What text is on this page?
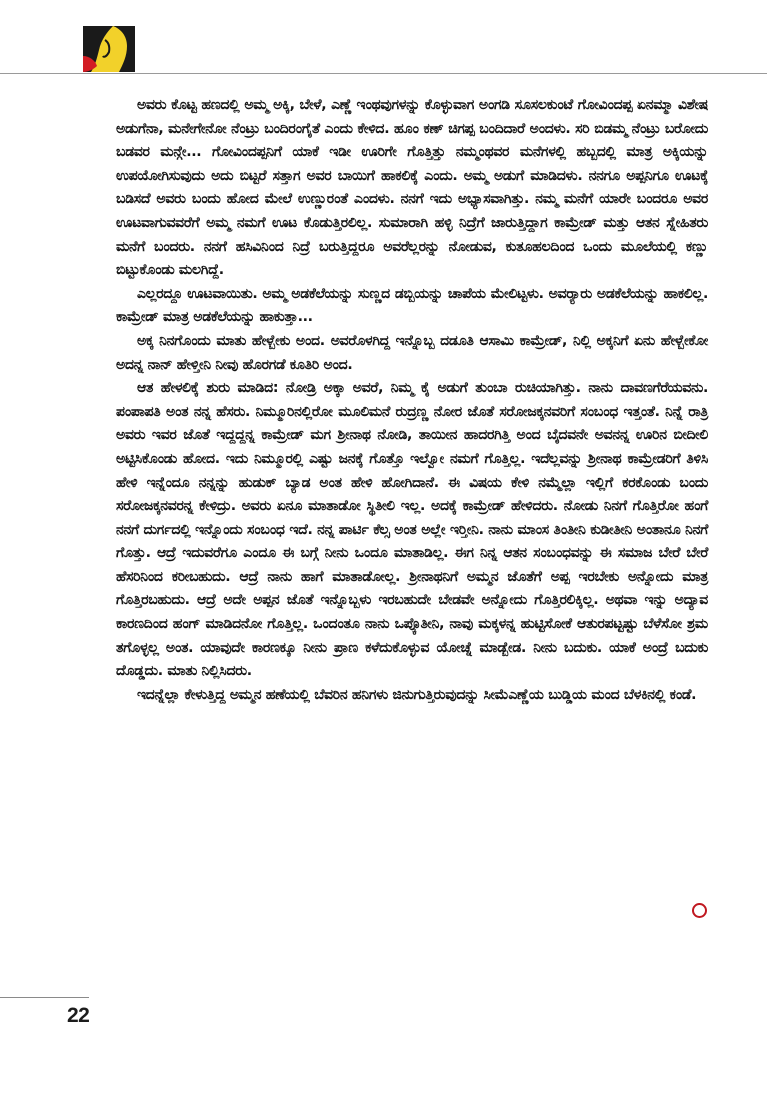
ಅವರು ಕೊಟ್ಟ ಹಣದಲ್ಲಿ ಅಮ್ಮ ಅಕ್ಕಿ, ಬೇಳೆ, ಎಣ್ಣೆ ಇಂಥವುಗಳನ್ನು ಕೊಳ್ಳುವಾಗ ಅಂಗಡಿ ಸೂಸಲಕುಂಟೆ ಗೋವಿಂದಪ್ಪ ಏನಮ್ಮಾ ವಿಶೇಷ ಅಡುಗೆನಾ, ಮನೇಗೇನೋ ನೆಂಟ್ರು ಬಂದಿರಂಗೈತೆ ಎಂದು ಕೇಳಿದ. ಹೂಂ ಕಣ್ ಚಿಗಪ್ಪ ಬಂದಿದಾರೆ ಅಂದಳು. ಸರಿ ಬಿಡಮ್ಮ ನೆಂಟ್ರು ಬರೋದು ಬಡವರ ಮನ್ಗೇ... ಗೋವಿಂದಪ್ಪನಿಗೆ ಯಾಕೆ ಇಡೀ ಊರಿಗೇ ಗೊತ್ತಿತ್ತು ನಮ್ಮಂಥವರ ಮನೆಗಳಲ್ಲಿ ಹಬ್ಬದಲ್ಲಿ ಮಾತ್ರ ಅಕ್ಕಿಯನ್ನು ಉಪಯೋಗಿಸುವುದು ಅದು ಬಿಟ್ಟರೆ ಸತ್ತಾಗ ಅವರ ಬಾಯಿಗೆ ಹಾಕಲಿಕ್ಕೆ ಎಂದು. ಅಮ್ಮ ಅಡುಗೆ ಮಾಡಿದಳು. ನನಗೂ ಅಪ್ಪನಿಗೂ ಊಟಕ್ಕೆ ಬಡಿಸದೆ ಅವರು ಬಂದು ಹೋದ ಮೇಲೆ ಉಣ್ಣುರಂತೆ ಎಂದಳು. ನನಗೆ ಇದು ಅಭ್ಯಾಸವಾಗಿತ್ತು. ನಮ್ಮ ಮನೆಗೆ ಯಾರೇ ಬಂದರೂ ಅವರ ಊಟವಾಗುವವರೆಗೆ ಅಮ್ಮ ನಮಗೆ ಊಟ ಕೊಡುತ್ತಿರಲಿಲ್ಲ. ಸುಮಾರಾಗಿ ಹಳ್ಳಿ ನಿದ್ರೆಗೆ ಜಾರುತ್ತಿದ್ದಾಗ ಕಾಮ್ರೇಡ್ ಮತ್ತು ಆತನ ಸ್ನೇಹಿತರು ಮನೆಗೆ ಬಂದರು. ನನಗೆ ಹಸಿವಿನಿಂದ ನಿದ್ರೆ ಬರುತ್ತಿದ್ದರೂ ಅವರೆಲ್ಲರನ್ನು ನೋಡುವ, ಕುತೂಹಲದಿಂದ ಒಂದು ಮೂಲೆಯಲ್ಲಿ ಕಣ್ಣು ಬಿಟ್ಟುಕೊಂಡು ಮಲಗಿದ್ದೆ.

ಎಲ್ಲರದ್ದೂ ಊಟವಾಯಿತು. ಅಮ್ಮ ಅಡಕೆಲೆಯನ್ನು ಸುಣ್ಣದ ಡಬ್ಬಿಯನ್ನು ಚಾಪೆಯ ಮೇಲಿಟ್ಟಳು. ಅವರ್‍ಯಾರು ಅಡಕೆಲೆಯನ್ನು ಹಾಕಲಿಲ್ಲ. ಕಾಮ್ರೇಡ್ ಮಾತ್ರ ಅಡಕೆಲೆಯನ್ನು ಹಾಕುತ್ತಾ...

ಅಕ್ಕ ನಿನಗೊಂದು ಮಾತು ಹೇಳ್ಬೇಕು ಅಂದ. ಅವರೊಳಗಿದ್ದ ಇನ್ನೊಬ್ಬ ದಡೂತಿ ಆಸಾಮಿ ಕಾಮ್ರೇಡ್, ನಿಲ್ಲಿ ಅಕ್ಕನಿಗೆ ಏನು ಹೇಳ್ಬೇಕೋ ಅದನ್ನ ನಾನ್ ಹೇಳ್ತೀನಿ ನೀವು ಹೊರಗಡೆ ಕೂತಿರಿ ಅಂದ.

ಆತ ಹೇಳಲಿಕ್ಕೆ ಶುರು ಮಾಡಿದ: ನೋಡ್ರಿ ಅಕ್ಕಾ ಅವರೆ, ನಿಮ್ಮ ಕೈ ಅಡುಗೆ ತುಂಬಾ ರುಚಿಯಾಗಿತ್ತು. ನಾನು ದಾವಣಗೆರೆಯವನು. ಪಂಪಾಪತಿ ಅಂತ ನನ್ನ ಹೆಸರು. ನಿಮ್ಮೂರಿನಲ್ಲಿರೋ ಮೂಲಿಮನೆ ರುದ್ರಣ್ಣ ನೋರ ಜೊತೆ ಸರೋಜಕ್ಕನವರಿಗೆ ಸಂಬಂಧ ಇತ್ತಂತೆ. ನಿನ್ನೆ ರಾತ್ರಿ ಅವರು ಇವರ ಜೊತೆ ಇದ್ದದ್ದನ್ನ ಕಾಮ್ರೇಡ್ ಮಗ ಶ್ರೀನಾಥ ನೋಡಿ, ತಾಯೀನ ಹಾದರಗಿತ್ತಿ ಅಂದ ಬೈದವನೇ ಅವನನ್ನ ಊರಿನ ಬೀದೀಲಿ ಅಟ್ಟಿಸಿಕೊಂಡು ಹೋದ. ಇದು ನಿಮ್ಮೂರಲ್ಲಿ ಎಷ್ಟು ಜನಕ್ಕೆ ಗೊತ್ತೊ ಇಲ್ವೋ ನಮಗೆ ಗೊತ್ತಿಲ್ಲ. ಇದೆಲ್ಲವನ್ನು ಶ್ರೀನಾಥ ಕಾಮ್ರೇಡರಿಗೆ ತಿಳಿಸಿ ಹೇಳಿ ಇನ್ನೆಂದೂ ನನ್ನನ್ನು ಹುಡುಕ್ ಬ್ಯಾಡ ಅಂತ ಹೇಳಿ ಹೋಗಿದಾನೆ. ಈ ವಿಷಯ ಕೇಳಿ ನಮ್ಮೆಲ್ಲಾ ಇಲ್ಲಿಗೆ ಕರಕೊಂಡು ಬಂದು ಸರೋಜಕ್ಕನವರನ್ನ ಕೇಳಿದ್ರು. ಅವರು ಏನೂ ಮಾತಾಡೋ ಸ್ಥಿತೀಲಿ ಇಲ್ಲ. ಅದಕ್ಕೆ ಕಾಮ್ರೇಡ್ ಹೇಳಿದರು. ನೋಡು ನಿನಗೆ ಗೊತ್ತಿರೋ ಹಂಗೆ ನನಗೆ ದುರ್ಗದಲ್ಲಿ ಇನ್ನೊಂದು ಸಂಬಂಧ ಇದೆ. ನನ್ನ ಪಾರ್ಟಿ ಕೆಲ್ಸ ಅಂತ ಅಲ್ಲೇ ಇರ್‍ತೀನಿ. ನಾನು ಮಾಂಸ ತಿಂತೀನಿ ಕುಡೀತೀನಿ ಅಂತಾನೂ ನಿನಗೆ ಗೊತ್ತು. ಆದ್ರೆ ಇದುವರೆಗೂ ಎಂದೂ ಈ ಬಗ್ಗೆ ನೀನು ಒಂದೂ ಮಾತಾಡಿಲ್ಲ. ಈಗ ನಿನ್ನ ಆತನ ಸಂಬಂಧವನ್ನು ಈ ಸಮಾಜ ಬೇರೆ ಬೇರೆ ಹೆಸರಿನಿಂದ ಕರೀಬಹುದು. ಆದ್ರೆ ನಾನು ಹಾಗೆ ಮಾತಾಡೋಲ್ಲ. ಶ್ರೀನಾಥನಿಗೆ ಅಮ್ಮನ ಜೊತೆಗೆ ಅಪ್ಪ ಇರಬೇಕು ಅನ್ನೋದು ಮಾತ್ರ ಗೊತ್ತಿರಬಹುದು. ಆದ್ರೆ ಅದೇ ಅಪ್ಪನ ಜೊತೆ ಇನ್ನೊಬ್ಬಳು ಇರಬಹುದೇ ಬೇಡವೇ ಅನ್ನೋದು ಗೊತ್ತಿರಲಿಕ್ಕಿಲ್ಲ. ಅಥವಾ ಇನ್ನು ಅದ್ಯಾವ ಕಾರಣದಿಂದ ಹಂಗ್ ಮಾಡಿದನೋ ಗೊತ್ತಿಲ್ಲ. ಒಂದಂತೂ ನಾನು ಒಪ್ಕೊತೀನಿ, ನಾವು ಮಕ್ಕಳನ್ನ ಹುಟ್ಟಿಸೋಕೆ ಆತುರಪಟ್ಟಷ್ಟು ಬೆಳೆಸೋ ಶ್ರಮ ತಗೊಳ್ಳಲ್ಲ ಅಂತ. ಯಾವುದೇ ಕಾರಣಕ್ಕೂ ನೀನು ಪ್ರಾಣ ಕಳೆದುಕೊಳ್ಳುವ ಯೋಚ್ನೆ ಮಾಡ್ಬೇಡ. ನೀನು ಬದುಕು. ಯಾಕೆ ಅಂದ್ರೆ ಬದುಕು ದೊಡ್ಡದು. ಮಾತು ನಿಲ್ಲಿಸಿದರು.

ಇದನ್ನೆಲ್ಲಾ ಕೇಳುತ್ತಿದ್ದ ಅಮ್ಮನ ಹಣೆಯಲ್ಲಿ ಬೆವರಿನ ಹನಿಗಳು ಜಿನುಗುತ್ತಿರುವುದನ್ನು ಸೀಮೆಎಣ್ಣೆಯ ಬುಡ್ಡಿಯ ಮಂದ ಬೆಳಕಿನಲ್ಲಿ ಕಂಡೆ.

22
